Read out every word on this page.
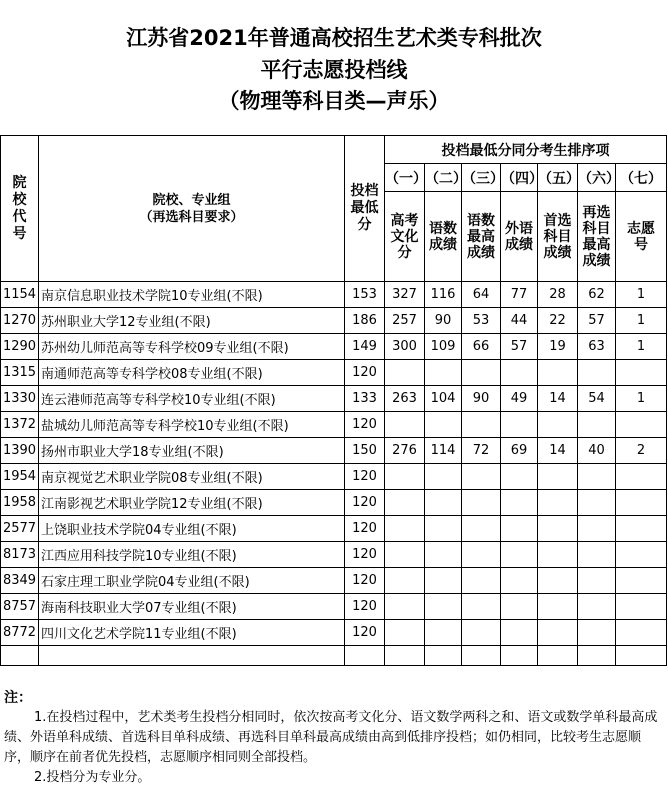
江苏省2021年普通高校招生艺术类专科批次
平行志愿投档线
（物理等科目类—声乐）
院校代号	院校、专业组
（再选科目要求）	投档最低分	投档最低分同分考生排序项						
			（一）	（二）	（三）	（四）	（五）	（六）	（七）

			高考文化分	语数成绩	语数最高成绩	外语成绩	首选科目成绩	再选科目最高成绩	志愿号

1154	南京信息职业技术学院10专业组(不限)	153	327	116	64	77	28	62	1
1270	苏州职业大学12专业组(不限)	186	257	90	53	44	22	57	1
1290	苏州幼儿师范高等专科学校09专业组(不限)	149	300	109	66	57	19	63	1
1315	南通师范高等专科学校08专业组(不限)	120							
1330	连云港师范高等专科学校10专业组(不限)	133	263	104	90	49	14	54	1
1372	盐城幼儿师范高等专科学校10专业组(不限)	120							
1390	扬州市职业大学18专业组(不限)	150	276	114	72	69	14	40	2
1954	南京视觉艺术职业学院08专业组(不限)	120							
1958	江南影视艺术职业学院12专业组(不限)	120							
2577	上饶职业技术学院04专业组(不限)	120							
8173	江西应用科技学院10专业组(不限)	120							
8349	石家庄理工职业学院04专业组(不限)	120							
8757	海南科技职业大学07专业组(不限)	120							
8772	四川文化艺术学院11专业组(不限)	120							

注：

1.在投档过程中，艺术类考生投档分相同时，依次按高考文化分、语文数学两科之和、语文或数学单科最高成绩、外语单科成绩、首选科目单科成绩、再选科目单科最高成绩由高到低排序投档；如仍相同，比较考生志愿顺序，顺序在前者优先投档，志愿顺序相同则全部投档。

2.投档分为专业分。
